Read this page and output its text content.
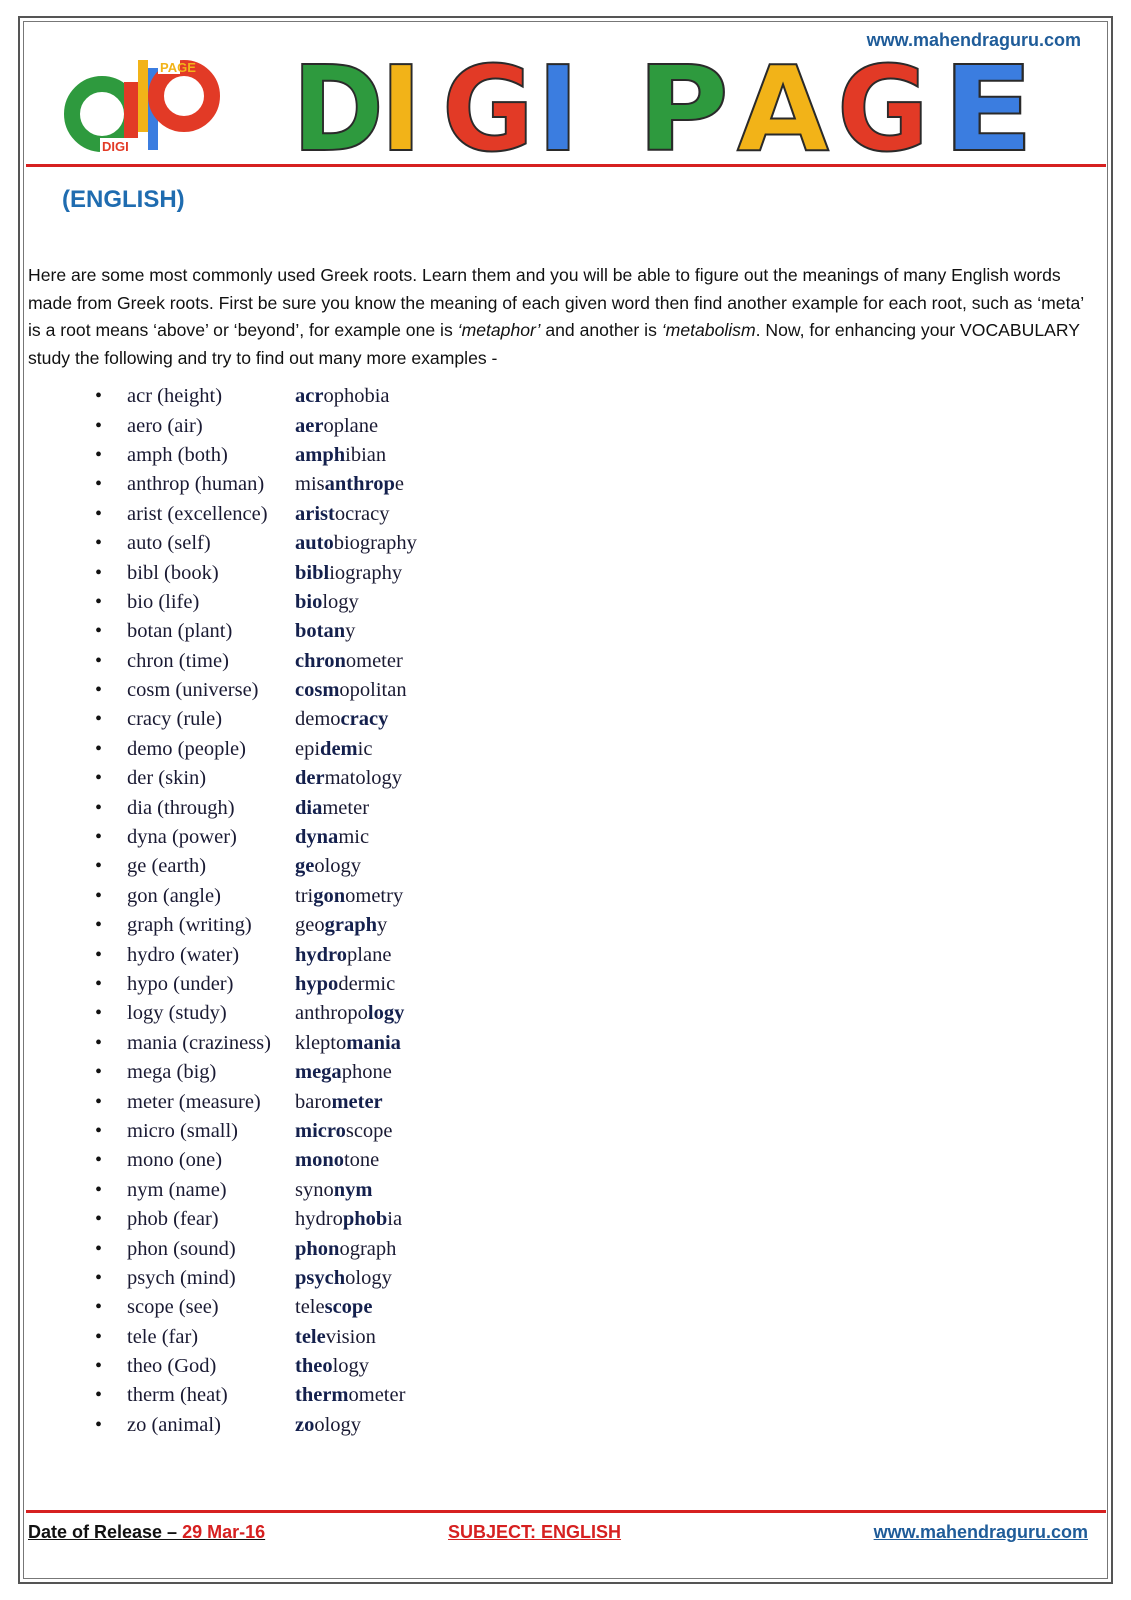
www.mahendraguru.com
PAGE
DIGI D
I G I P A G E
(ENGLISH)
Here are some most commonly used Greek roots. Learn them and you will be able to figure out the meanings of many English words made from Greek roots. First be sure you know the meaning of each given word then find another example for each root, such as ‘meta’ is a root means ‘above’ or ‘beyond’, for example one is ‘metaphor’ and another is ‘metabolism. Now, for enhancing your VOCABULARY study the following and try to find out many more examples -
•	acr (height)	acrophobia
•	aero (air)	aeroplane
•	amph (both)	amphibian
•	anthrop (human)	misanthrope
•	arist (excellence)	aristocracy
•	auto (self)	autobiography
•	bibl (book)	bibliography
•	bio (life)	biology
•	botan (plant)	botany
•	chron (time)	chronometer
•	cosm (universe)	cosmopolitan
•	cracy (rule)	democracy
•	demo (people)	epidemic
•	der (skin)	dermatology
•	dia (through)	diameter
•	dyna (power)	dynamic
•	ge (earth)	geology
•	gon (angle)	trigonometry
•	graph (writing)	geography
•	hydro (water)	hydroplane
•	hypo (under)	hypodermic
•	logy (study)	anthropology
•	mania (craziness)	kleptomania
•	mega (big)	megaphone
•	meter (measure)	barometer
•	micro (small)	microscope
•	mono (one)	monotone
•	nym (name)	synonym
•	phob (fear)	hydrophobia
•	phon (sound)	phonograph
•	psych (mind)	psychology
•	scope (see)	telescope
•	tele (far)	television
•	theo (God)	theology
•	therm (heat)	thermometer
•	zo (animal)	zoology
Date of Release – 29 Mar-16	SUBJECT: ENGLISH	www.mahendraguru.com
